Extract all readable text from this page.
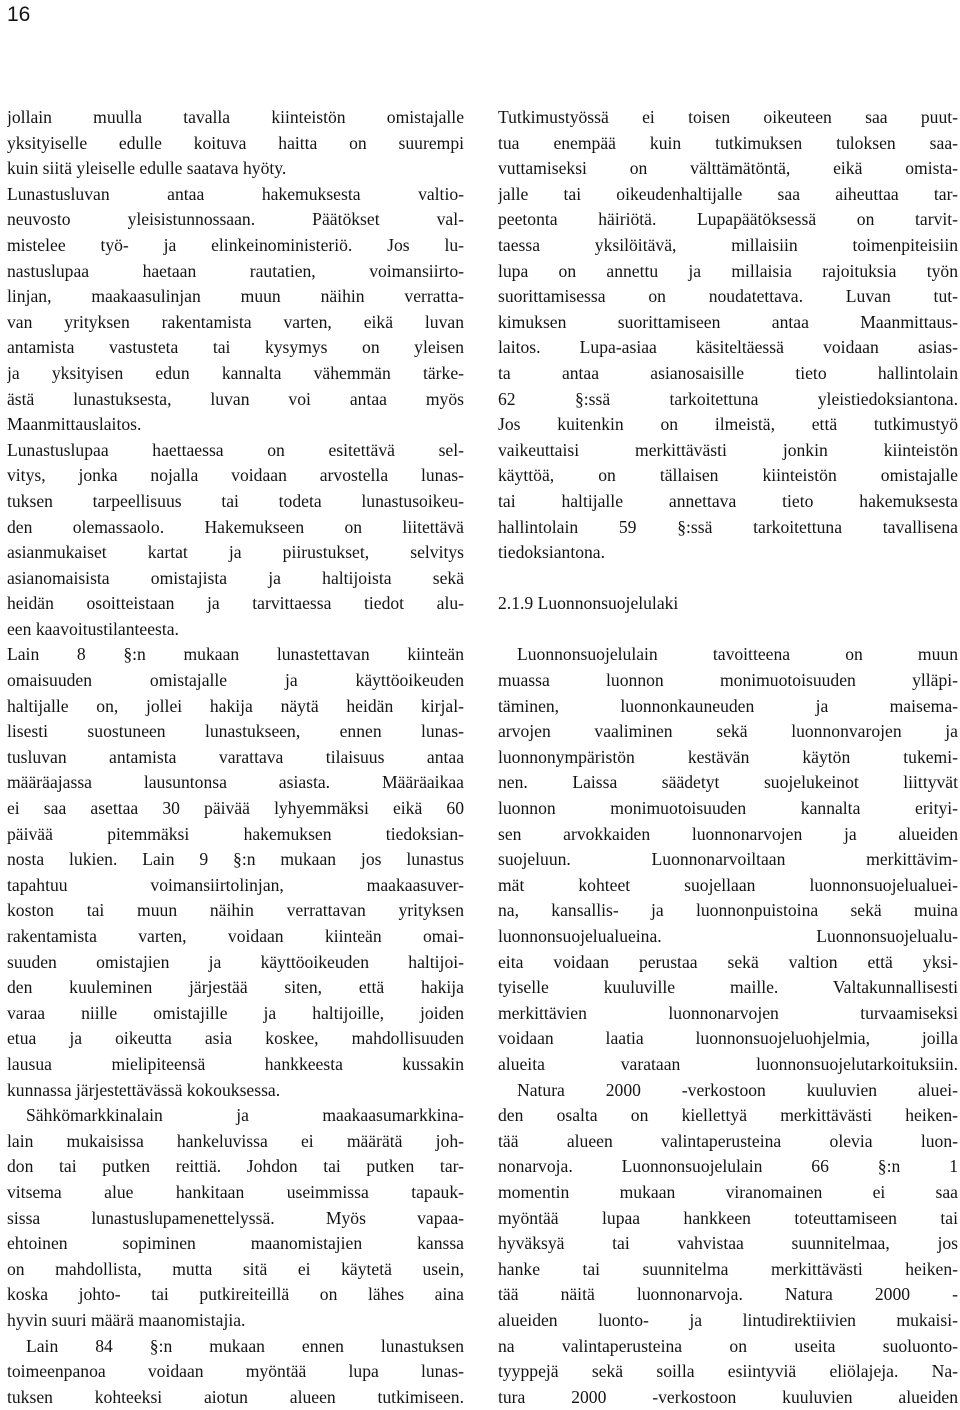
16
jollain muulla tavalla kiinteistön omistajalle
yksityiselle edulle koituva haitta on suurempi
kuin siitä yleiselle edulle saatava hyöty.
Lunastusluvan antaa hakemuksesta valtio-
neuvosto yleisistunnossaan. Päätökset val-
mistelee työ- ja elinkeinoministeriö. Jos lu-
nastuslupaa haetaan rautatien, voimansiirto-
linjan, maakaasulinjan muun näihin verratta-
van yrityksen rakentamista varten, eikä luvan
antamista vastusteta tai kysymys on yleisen
ja yksityisen edun kannalta vähemmän tärke-
ästä lunastuksesta, luvan voi antaa myös
Maanmittauslaitos.
Lunastuslupaa haettaessa on esitettävä sel-
vitys, jonka nojalla voidaan arvostella lunas-
tuksen tarpeellisuus tai todeta lunastusoikeu-
den olemassaolo. Hakemukseen on liitettävä
asianmukaiset kartat ja piirustukset, selvitys
asianomaisista omistajista ja haltijoista sekä
heidän osoitteistaan ja tarvittaessa tiedot alu-
een kaavoitustilanteesta.
Lain 8 §:n mukaan lunastettavan kiinteän
omaisuuden omistajalle ja käyttöoikeuden
haltijalle on, jollei hakija näytä heidän kirjal-
lisesti suostuneen lunastukseen, ennen lunas-
tusluvan antamista varattava tilaisuus antaa
määräajassa lausuntonsa asiasta. Määräaikaa
ei saa asettaa 30 päivää lyhyemmäksi eikä 60
päivää pitemmäksi hakemuksen tiedoksian-
nosta lukien. Lain 9 §:n mukaan jos lunastus
tapahtuu voimansiirtolinjan, maakaasuver-
koston tai muun näihin verrattavan yrityksen
rakentamista varten, voidaan kiinteän omai-
suuden omistajien ja käyttöoikeuden haltijoi-
den kuuleminen järjestää siten, että hakija
varaa niille omistajille ja haltijoille, joiden
etua ja oikeutta asia koskee, mahdollisuuden
lausua mielipiteensä hankkeesta kussakin
kunnassa järjestettävässä kokouksessa.
Sähkömarkkinalain ja maakaasumarkkina-
lain mukaisissa hankeluvissa ei määrätä joh-
don tai putken reittiä. Johdon tai putken tar-
vitsema alue hankitaan useimmissa tapauk-
sissa lunastuslupamenettelyssä. Myös vapaa-
ehtoinen sopiminen maanomistajien kanssa
on mahdollista, mutta sitä ei käytetä usein,
koska johto- tai putkireiteillä on lähes aina
hyvin suuri määrä maanomistajia.
Lain 84 §:n mukaan ennen lunastuksen
toimeenpanoa voidaan myöntää lupa lunas-
tuksen kohteeksi aiotun alueen tutkimiseen.
Tutkimustyössä ei toisen oikeuteen saa puut-
tua enempää kuin tutkimuksen tuloksen saa-
vuttamiseksi on välttämätöntä, eikä omista-
jalle tai oikeudenhaltijalle saa aiheuttaa tar-
peetonta häiriötä. Lupapäätöksessä on tarvit-
taessa yksilöitävä, millaisiin toimenpiteisiin
lupa on annettu ja millaisia rajoituksia työn
suorittamisessa on noudatettava. Luvan tut-
kimuksen suorittamiseen antaa Maanmittaus-
laitos. Lupa-asiaa käsiteltäessä voidaan asias-
ta antaa asianosaisille tieto hallintolain
62 §:ssä tarkoitettuna yleistiedoksiantona.
Jos kuitenkin on ilmeistä, että tutkimustyö
vaikeuttaisi merkittävästi jonkin kiinteistön
käyttöä, on tällaisen kiinteistön omistajalle
tai haltijalle annettava tieto hakemuksesta
hallintolain 59 §:ssä tarkoitettuna tavallisena
tiedoksiantona.
2.1.9 Luonnonsuojelulaki
Luonnonsuojelulain tavoitteena on muun
muassa luonnon monimuotoisuuden ylläpi-
täminen, luonnonkauneuden ja maisema-
arvojen vaaliminen sekä luonnonvarojen ja
luonnonympäristön kestävän käytön tukemi-
nen. Laissa säädetyt suojelukeinot liittyvät
luonnon monimuotoisuuden kannalta erityi-
sen arvokkaiden luonnonarvojen ja alueiden
suojeluun. Luonnonarvoiltaan merkittävim-
mät kohteet suojellaan luonnonsuojelualuei-
na, kansallis- ja luonnonpuistoina sekä muina
luonnonsuojelualueina. Luonnonsuojelualu-
eita voidaan perustaa sekä valtion että yksi-
tyiselle kuuluville maille. Valtakunnallisesti
merkittävien luonnonarvojen turvaamiseksi
voidaan laatia luonnonsuojeluohjelmia, joilla
alueita varataan luonnonsuojelutarkoituksiin.
Natura 2000 -verkostoon kuuluvien aluei-
den osalta on kiellettyä merkittävästi heiken-
tää alueen valintaperusteina olevia luon-
nonarvoja. Luonnonsuojelulain 66 §:n 1
momentin mukaan viranomainen ei saa
myöntää lupaa hankkeen toteuttamiseen tai
hyväksyä tai vahvistaa suunnitelmaa, jos
hanke tai suunnitelma merkittävästi heiken-
tää näitä luonnonarvoja. Natura 2000 -
alueiden luonto- ja lintudirektiivien mukaisi-
na valintaperusteina on useita suoluonto-
tyyppejä sekä soilla esiintyviä eliölajeja. Na-
tura 2000 -verkostoon kuuluvien alueiden
